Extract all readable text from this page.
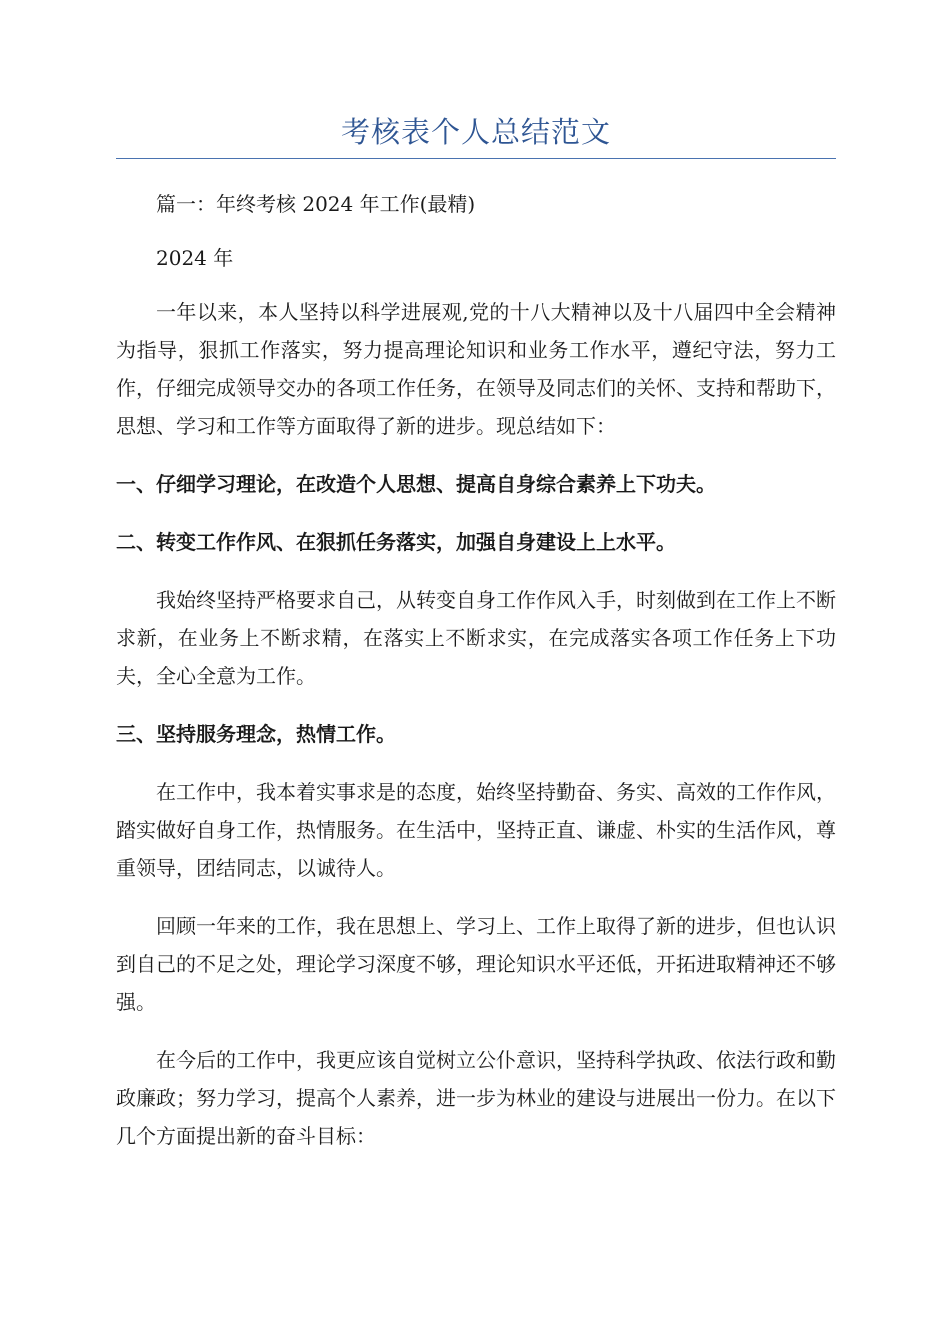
考核表个人总结范文

篇一：年终考核 2024 年工作(最精)

2024 年

一年以来，本人坚持以科学进展观,党的十八大精神以及十八届四中全会精神为指导，狠抓工作落实，努力提高理论知识和业务工作水平，遵纪守法，努力工作，仔细完成领导交办的各项工作任务，在领导及同志们的关怀、支持和帮助下，思想、学习和工作等方面取得了新的进步。现总结如下：

一、仔细学习理论，在改造个人思想、提高自身综合素养上下功夫。

二、转变工作作风、在狠抓任务落实，加强自身建设上上水平。

我始终坚持严格要求自己，从转变自身工作作风入手，时刻做到在工作上不断求新，在业务上不断求精，在落实上不断求实，在完成落实各项工作任务上下功夫，全心全意为工作。

三、坚持服务理念，热情工作。

在工作中，我本着实事求是的态度，始终坚持勤奋、务实、高效的工作作风，踏实做好自身工作，热情服务。在生活中，坚持正直、谦虚、朴实的生活作风，尊重领导，团结同志，以诚待人。

回顾一年来的工作，我在思想上、学习上、工作上取得了新的进步，但也认识到自己的不足之处，理论学习深度不够，理论知识水平还低，开拓进取精神还不够强。

在今后的工作中，我更应该自觉树立公仆意识，坚持科学执政、依法行政和勤政廉政；努力学习，提高个人素养，进一步为林业的建设与进展出一份力。在以下几个方面提出新的奋斗目标：
